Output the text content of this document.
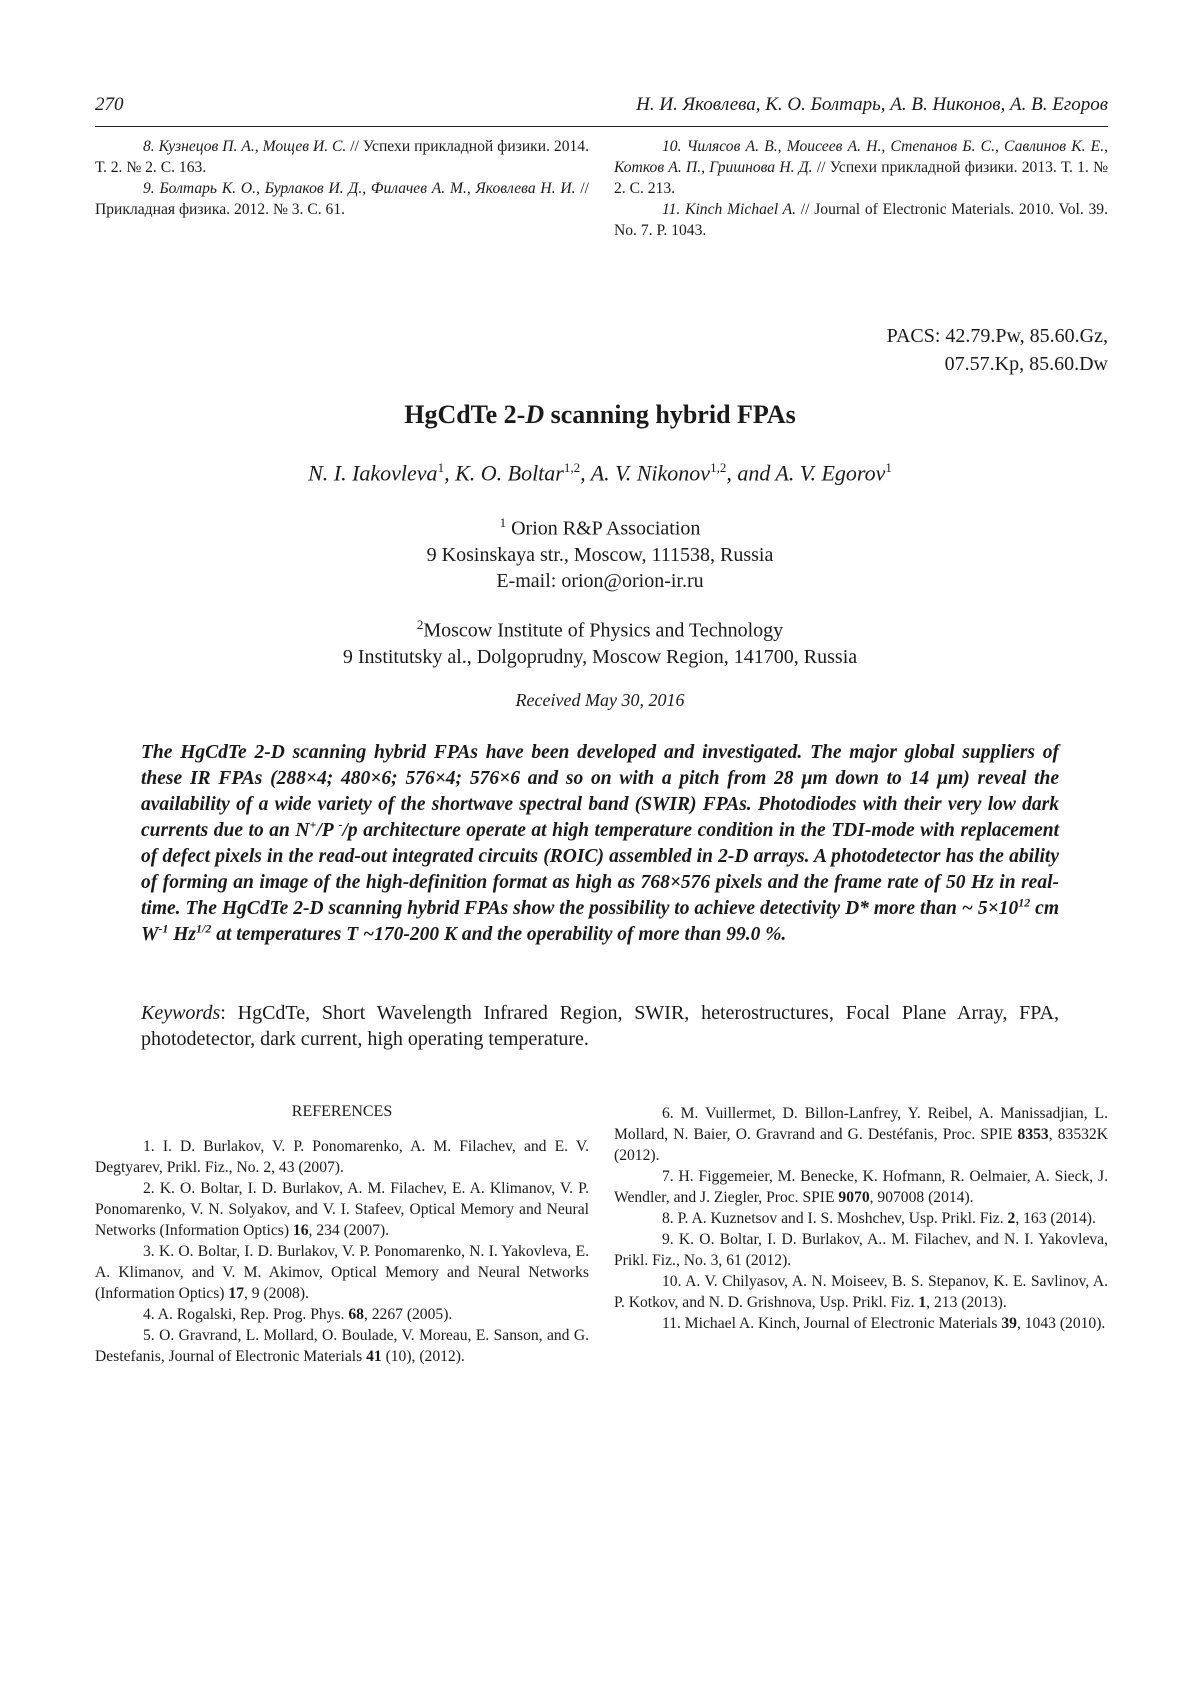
270	Н. И. Яковлева, К. О. Болтарь, А. В. Никонов, А. В. Егоров

8. Кузнецов П. А., Мощев И. С. // Успехи прикладной физики. 2014. Т. 2. № 2. С. 163.

9. Болтарь К. О., Бурлаков И. Д., Филачев А. М., Яковлева Н. И. // Прикладная физика. 2012. № 3. С. 61.

10. Чилясов А. В., Моисеев А. Н., Степанов Б. С., Савлинов К. Е., Котков А. П., Гришнова Н. Д. // Успехи прикладной физики. 2013. Т. 1. № 2. С. 213.

11. Kinch Michael A. // Journal of Electronic Materials. 2010. Vol. 39. No. 7. P. 1043.

PACS: 42.79.Pw, 85.60.Gz,
07.57.Kp, 85.60.Dw
HgCdTe 2-D scanning hybrid FPAs
N. I. Iakovleva$^1$, K. O. Boltar$^{1,2}$, A. V. Nikonov$^{1,2}$, and A. V. Egorov$^1$
$^1$ Orion R&P Association
9 Kosinskaya str., Moscow, 111538, Russia
E-mail: orion@orion-ir.ru
$^2$Moscow Institute of Physics and Technology
9 Institutsky al., Dolgoprudny, Moscow Region, 141700, Russia
Received May 30, 2016
The HgCdTe 2-D scanning hybrid FPAs have been developed and investigated. The major global suppliers of these IR FPAs (288×4; 480×6; 576×4; 576×6 and so on with a pitch from 28 µm down to 14 µm) reveal the availability of a wide variety of the shortwave spectral band (SWIR) FPAs. Photodiodes with their very low dark currents due to an N+/P -/p architecture operate at high temperature condition in the TDI-mode with replacement of defect pixels in the read-out integrated circuits (ROIC) assembled in 2-D arrays. A photodetector has the ability of forming an image of the high-definition format as high as 768×576 pixels and the frame rate of 50 Hz in real-time. The HgCdTe 2-D scanning hybrid FPAs show the possibility to achieve detectivity D* more than ~ $5\times 10^{12}$ cm $W^{-1}$ $Hz^{1/2}$ at temperatures T ~170-200 K and the operability of more than 99.0 %.
Keywords: HgCdTe, Short Wavelength Infrared Region, SWIR, heterostructures, Focal Plane Array, FPA, photodetector, dark current, high operating temperature.
REFERENCES

1. I. D. Burlakov, V. P. Ponomarenko, A. M. Filachev, and E. V. Degtyarev, Prikl. Fiz., No. 2, 43 (2007).

2. K. O. Boltar, I. D. Burlakov, A. M. Filachev, E. A. Klimanov, V. P. Ponomarenko, V. N. Solyakov, and V. I. Stafeev, Optical Memory and Neural Networks (Information Optics) 16, 234 (2007).

3. K. O. Boltar, I. D. Burlakov, V. P. Ponomarenko, N. I. Yakovleva, E. A. Klimanov, and V. M. Akimov, Optical Memory and Neural Networks (Information Optics) 17, 9 (2008).

4. A. Rogalski, Rep. Prog. Phys. 68, 2267 (2005).

5. O. Gravrand, L. Mollard, O. Boulade, V. Moreau, E. Sanson, and G. Destefanis, Journal of Electronic Materials 41 (10), (2012).

6. M. Vuillermet, D. Billon-Lanfrey, Y. Reibel, A. Manissadjian, L. Mollard, N. Baier, O. Gravrand and G. Destéfanis, Proc. SPIE 8353, 83532K (2012).

7. H. Figgemeier, M. Benecke, K. Hofmann, R. Oelmaier, A. Sieck, J. Wendler, and J. Ziegler, Proc. SPIE 9070, 907008 (2014).

8. P. A. Kuznetsov and I. S. Moshchev, Usp. Prikl. Fiz. 2, 163 (2014).

9. K. O. Boltar, I. D. Burlakov, A.. M. Filachev, and N. I. Yakovleva, Prikl. Fiz., No. 3, 61 (2012).

10. A. V. Chilyasov, A. N. Moiseev, B. S. Stepanov, K. E. Savlinov, A. P. Kotkov, and N. D. Grishnova, Usp. Prikl. Fiz. 1, 213 (2013).

11. Michael A. Kinch, Journal of Electronic Materials 39, 1043 (2010).
